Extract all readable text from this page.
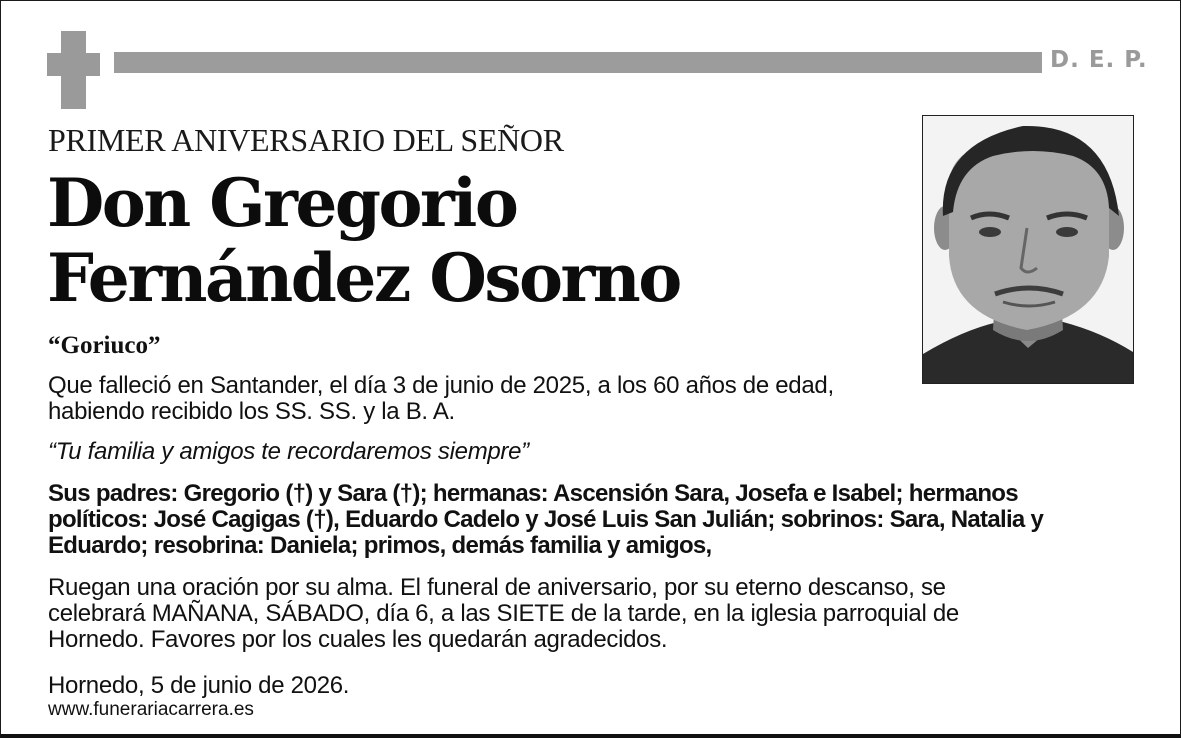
D. E. P.
PRIMER ANIVERSARIO DEL SEÑOR
Don Gregorio
Fernández Osorno
“Goriuco”
Que falleció en Santander, el día 3 de junio de 2025, a los 60 años de edad,
habiendo recibido los SS. SS. y la B. A.
“Tu familia y amigos te recordaremos siempre”
Sus padres: Gregorio (†) y Sara (†); hermanas: Ascensión Sara, Josefa e Isabel; hermanos
políticos: José Cagigas (†), Eduardo Cadelo y José Luis San Julián; sobrinos: Sara, Natalia y
Eduardo; resobrina: Daniela; primos, demás familia y amigos,
Ruegan una oración por su alma. El funeral de aniversario, por su eterno descanso, se
celebrará MAÑANA, SÁBADO, día 6, a las SIETE de la tarde, en la iglesia parroquial de
Hornedo. Favores por los cuales les quedarán agradecidos.
Hornedo, 5 de junio de 2026.
www.funerariacarrera.es
